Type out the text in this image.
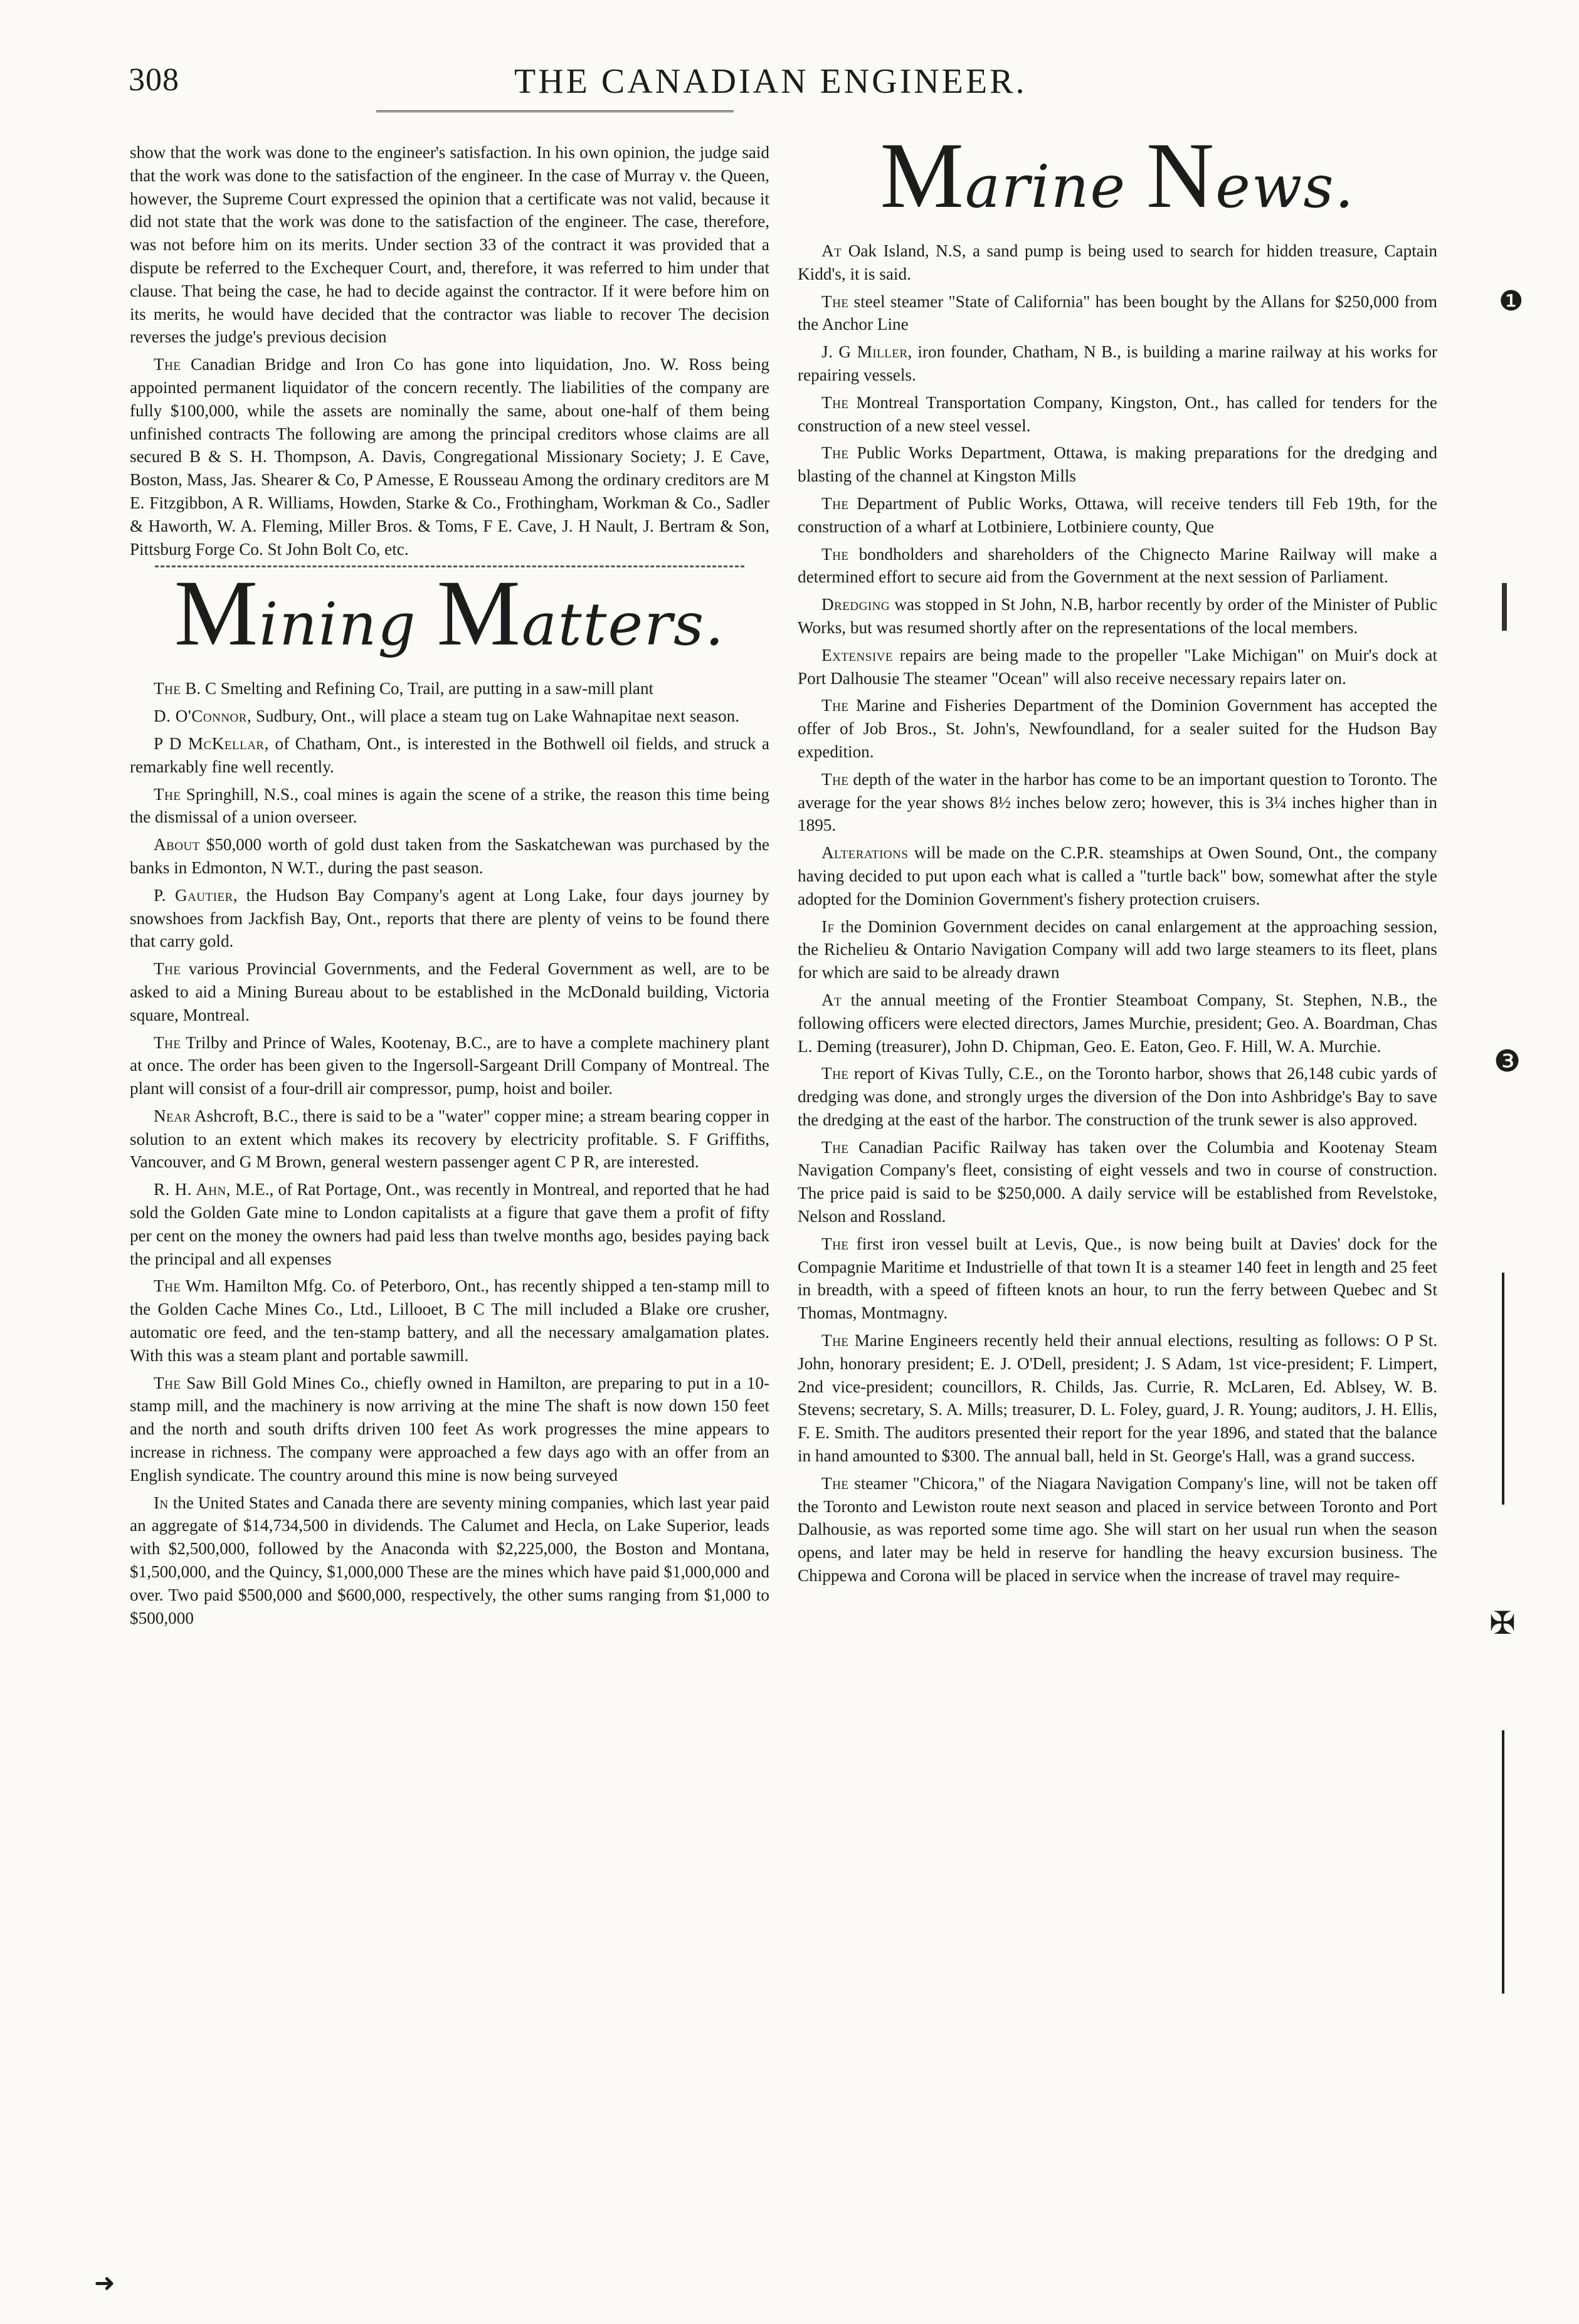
308	THE CANADIAN ENGINEER.

show that the work was done to the engineer's satisfaction. In his own opinion, the judge said that the work was done to the satisfaction of the engineer. In the case of Murray v. the Queen, however, the Supreme Court expressed the opinion that a certificate was not valid, because it did not state that the work was done to the satisfaction of the engineer. The case, therefore, was not before him on its merits. Under section 33 of the contract it was provided that a dispute be referred to the Exchequer Court, and, therefore, it was referred to him under that clause. That being the case, he had to decide against the contractor. If it were before him on its merits, he would have decided that the contractor was liable to recover The decision reverses the judge's previous decision

The Canadian Bridge and Iron Co has gone into liquidation, Jno. W. Ross being appointed permanent liquidator of the concern recently. The liabilities of the company are fully $100,000, while the assets are nominally the same, about one-half of them being unfinished contracts The following are among the principal creditors whose claims are all secured B & S. H. Thompson, A. Davis, Congregational Missionary Society; J. E Cave, Boston, Mass, Jas. Shearer & Co, P Amesse, E Rousseau Among the ordinary creditors are M E. Fitzgibbon, A R. Williams, Howden, Starke & Co., Frothingham, Workman & Co., Sadler & Haworth, W. A. Fleming, Miller Bros. & Toms, F E. Cave, J. H Nault, J. Bertram & Son, Pittsburg Forge Co. St John Bolt Co, etc.

Mining Matters.

The B. C Smelting and Refining Co, Trail, are putting in a saw-mill plant

D. O'Connor, Sudbury, Ont., will place a steam tug on Lake Wahnapitae next season.

P D McKellar, of Chatham, Ont., is interested in the Bothwell oil fields, and struck a remarkably fine well recently.

The Springhill, N.S., coal mines is again the scene of a strike, the reason this time being the dismissal of a union overseer.

About $50,000 worth of gold dust taken from the Saskatchewan was purchased by the banks in Edmonton, N W.T., during the past season.

P. Gautier, the Hudson Bay Company's agent at Long Lake, four days journey by snowshoes from Jackfish Bay, Ont., reports that there are plenty of veins to be found there that carry gold.

The various Provincial Governments, and the Federal Government as well, are to be asked to aid a Mining Bureau about to be established in the McDonald building, Victoria square, Montreal.

The Trilby and Prince of Wales, Kootenay, B.C., are to have a complete machinery plant at once. The order has been given to the Ingersoll-Sargeant Drill Company of Montreal. The plant will consist of a four-drill air compressor, pump, hoist and boiler.

Near Ashcroft, B.C., there is said to be a "water" copper mine; a stream bearing copper in solution to an extent which makes its recovery by electricity profitable. S. F Griffiths, Vancouver, and G M Brown, general western passenger agent C P R, are interested.

R. H. Ahn, M.E., of Rat Portage, Ont., was recently in Montreal, and reported that he had sold the Golden Gate mine to London capitalists at a figure that gave them a profit of fifty per cent on the money the owners had paid less than twelve months ago, besides paying back the principal and all expenses

The Wm. Hamilton Mfg. Co. of Peterboro, Ont., has recently shipped a ten-stamp mill to the Golden Cache Mines Co., Ltd., Lillooet, B C The mill included a Blake ore crusher, automatic ore feed, and the ten-stamp battery, and all the necessary amalgamation plates. With this was a steam plant and portable sawmill.

The Saw Bill Gold Mines Co., chiefly owned in Hamilton, are preparing to put in a 10-stamp mill, and the machinery is now arriving at the mine The shaft is now down 150 feet and the north and south drifts driven 100 feet As work progresses the mine appears to increase in richness. The company were approached a few days ago with an offer from an English syndicate. The country around this mine is now being surveyed

In the United States and Canada there are seventy mining companies, which last year paid an aggregate of $14,734,500 in dividends. The Calumet and Hecla, on Lake Superior, leads with $2,500,000, followed by the Anaconda with $2,225,000, the Boston and Montana, $1,500,000, and the Quincy, $1,000,000 These are the mines which have paid $1,000,000 and over. Two paid $500,000 and $600,000, respectively, the other sums ranging from $1,000 to $500,000

Marine News.

At Oak Island, N.S, a sand pump is being used to search for hidden treasure, Captain Kidd's, it is said.

The steel steamer "State of California" has been bought by the Allans for $250,000 from the Anchor Line

J. G Miller, iron founder, Chatham, N B., is building a marine railway at his works for repairing vessels.

The Montreal Transportation Company, Kingston, Ont., has called for tenders for the construction of a new steel vessel.

The Public Works Department, Ottawa, is making preparations for the dredging and blasting of the channel at Kingston Mills

The Department of Public Works, Ottawa, will receive tenders till Feb 19th, for the construction of a wharf at Lotbiniere, Lotbiniere county, Que

The bondholders and shareholders of the Chignecto Marine Railway will make a determined effort to secure aid from the Government at the next session of Parliament.

Dredging was stopped in St John, N.B, harbor recently by order of the Minister of Public Works, but was resumed shortly after on the representations of the local members.

Extensive repairs are being made to the propeller "Lake Michigan" on Muir's dock at Port Dalhousie The steamer "Ocean" will also receive necessary repairs later on.

The Marine and Fisheries Department of the Dominion Government has accepted the offer of Job Bros., St. John's, Newfoundland, for a sealer suited for the Hudson Bay expedition.

The depth of the water in the harbor has come to be an important question to Toronto. The average for the year shows 8½ inches below zero; however, this is 3¼ inches higher than in 1895.

Alterations will be made on the C.P.R. steamships at Owen Sound, Ont., the company having decided to put upon each what is called a "turtle back" bow, somewhat after the style adopted for the Dominion Government's fishery protection cruisers.

If the Dominion Government decides on canal enlargement at the approaching session, the Richelieu & Ontario Navigation Company will add two large steamers to its fleet, plans for which are said to be already drawn

At the annual meeting of the Frontier Steamboat Company, St. Stephen, N.B., the following officers were elected directors, James Murchie, president; Geo. A. Boardman, Chas L. Deming (treasurer), John D. Chipman, Geo. E. Eaton, Geo. F. Hill, W. A. Murchie.

The report of Kivas Tully, C.E., on the Toronto harbor, shows that 26,148 cubic yards of dredging was done, and strongly urges the diversion of the Don into Ashbridge's Bay to save the dredging at the east of the harbor. The construction of the trunk sewer is also approved.

The Canadian Pacific Railway has taken over the Columbia and Kootenay Steam Navigation Company's fleet, consisting of eight vessels and two in course of construction. The price paid is said to be $250,000. A daily service will be established from Revelstoke, Nelson and Rossland.

The first iron vessel built at Levis, Que., is now being built at Davies' dock for the Compagnie Maritime et Industrielle of that town It is a steamer 140 feet in length and 25 feet in breadth, with a speed of fifteen knots an hour, to run the ferry between Quebec and St Thomas, Montmagny.

The Marine Engineers recently held their annual elections, resulting as follows: O P St. John, honorary president; E. J. O'Dell, president; J. S Adam, 1st vice-president; F. Limpert, 2nd vice-president; councillors, R. Childs, Jas. Currie, R. McLaren, Ed. Ablsey, W. B. Stevens; secretary, S. A. Mills; treasurer, D. L. Foley, guard, J. R. Young; auditors, J. H. Ellis, F. E. Smith. The auditors presented their report for the year 1896, and stated that the balance in hand amounted to $300. The annual ball, held in St. George's Hall, was a grand success.

The steamer "Chicora," of the Niagara Navigation Company's line, will not be taken off the Toronto and Lewiston route next season and placed in service between Toronto and Port Dalhousie, as was reported some time ago. She will start on her usual run when the season opens, and later may be held in reserve for handling the heavy excursion business. The Chippewa and Corona will be placed in service when the increase of travel may require-

❶
❸
✠
➜
